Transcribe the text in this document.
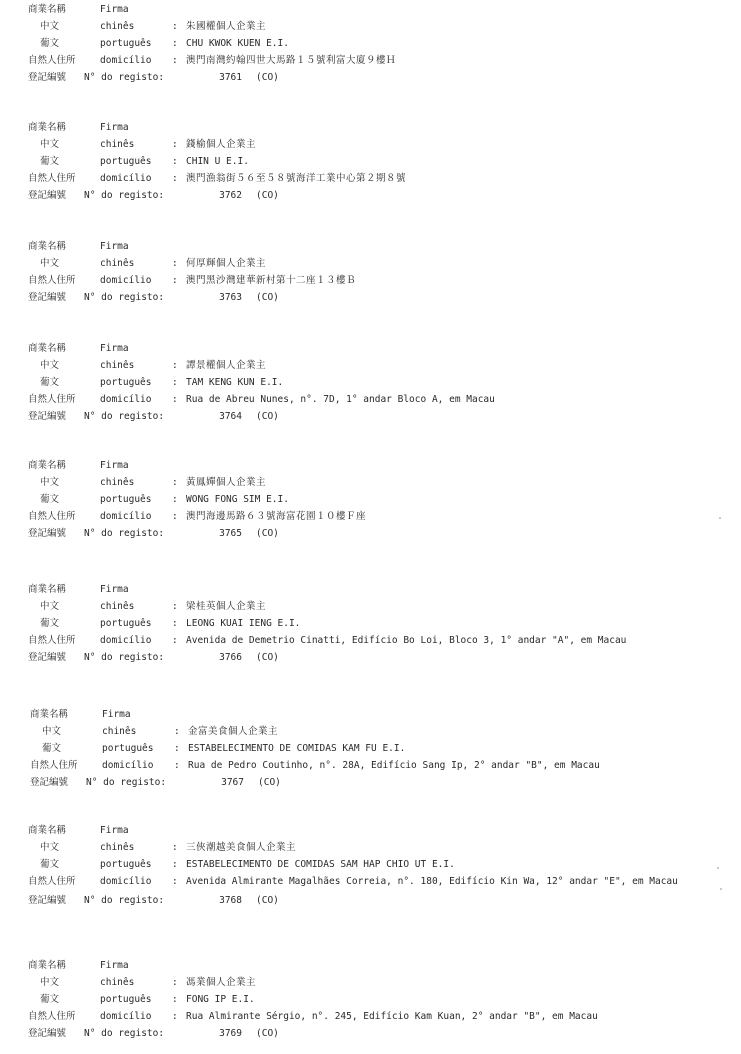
商業名稱	Firma
中文	chinês	: 朱國權個人企業主
葡文	português	: CHU KWOK KUEN E.I.
自然人住所	domicílio	: 澳門南灣約翰四世大馬路１５號利富大廈９樓Ｈ
登記編號	N° do registo:	3761 (CO)
商業名稱	Firma
中文	chinês	: 錢榆個人企業主
葡文	português	: CHIN U E.I.
自然人住所	domicílio	: 澳門漁翁街５６至５８號海洋工業中心第２期８號
登記編號	N° do registo:	3762 (CO)
商業名稱	Firma
中文	chinês	: 何厚輝個人企業主
自然人住所	domicílio	: 澳門黑沙灣建華新村第十二座１３樓Ｂ
登記編號	N° do registo:	3763 (CO)
商業名稱	Firma
中文	chinês	: 譚景權個人企業主
葡文	português	: TAM KENG KUN E.I.
自然人住所	domicílio	: Rua de Abreu Nunes, n°. 7D, 1° andar Bloco A, em Macau
登記編號	N° do registo:	3764 (CO)
商業名稱	Firma
中文	chinês	: 黃鳳嬋個人企業主
葡文	português	: WONG FONG SIM E.I.
自然人住所	domicílio	: 澳門海邊馬路６３號海富花園１０樓Ｆ座
登記編號	N° do registo:	3765 (CO)
商業名稱	Firma
中文	chinês	: 梁桂英個人企業主
葡文	português	: LEONG KUAI IENG E.I.
自然人住所	domicílio	: Avenida de Demetrio Cinatti, Edifício Bo Loi, Bloco 3, 1° andar "A", em Macau
登記編號	N° do registo:	3766 (CO)
商業名稱	Firma
中文	chinês	: 金富美食個人企業主
葡文	português	: ESTABELECIMENTO DE COMIDAS KAM FU E.I.
自然人住所	domicílio	: Rua de Pedro Coutinho, n°. 28A, Edifício Sang Ip, 2° andar "B", em Macau
登記編號	N° do registo:	3767 (CO)
商業名稱	Firma
中文	chinês	: 三俠潮越美食個人企業主
葡文	português	: ESTABELECIMENTO DE COMIDAS SAM HAP CHIO UT E.I.
自然人住所	domicílio	: Avenida Almirante Magalhães Correia, n°. 180, Edifício Kin Wa, 12° andar "E", em Macau
登記編號	N° do registo:	3768 (CO)
商業名稱	Firma
中文	chinês	: 馮業個人企業主
葡文	português	: FONG IP E.I.
自然人住所	domicílio	: Rua Almirante Sérgio, n°. 245, Edifício Kam Kuan, 2° andar "B", em Macau
登記編號	N° do registo:	3769 (CO)
